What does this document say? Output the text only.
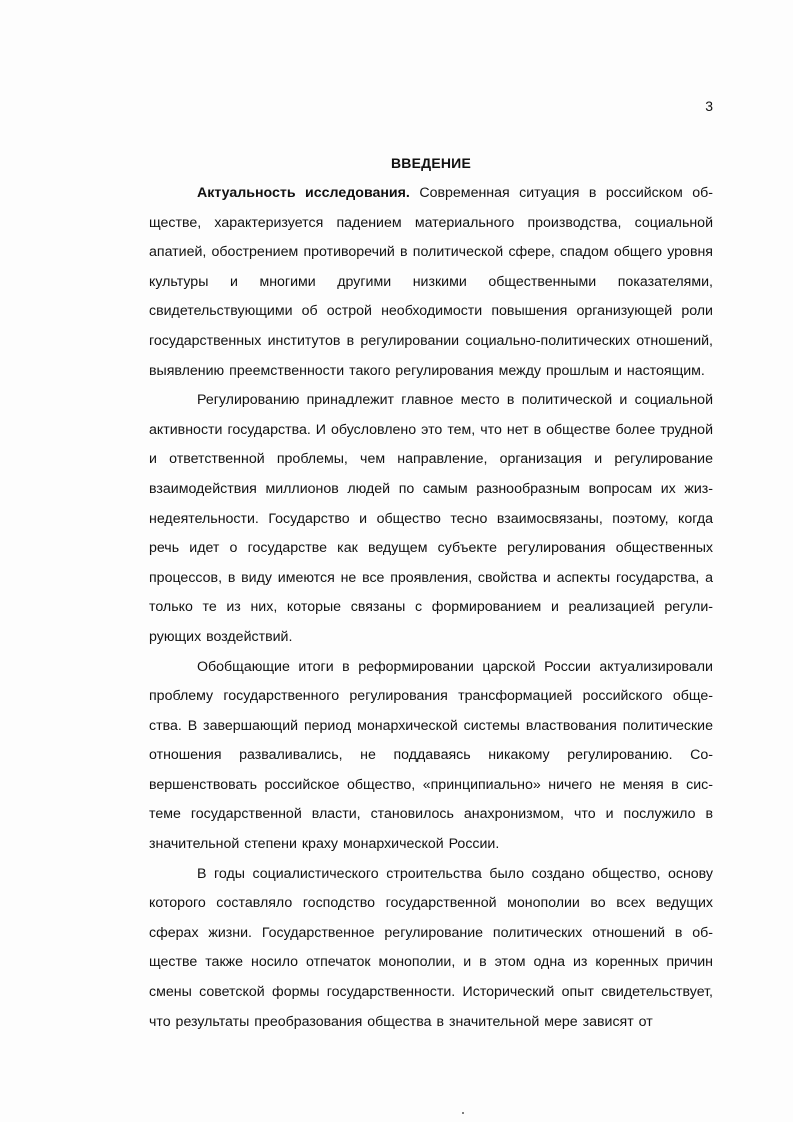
3
ВВЕДЕНИЕ

Актуальность исследования. Современная ситуация в российском обществе, характеризуется падением материального производства, социальной апатией, обострением противоречий в политической сфере, спадом общего уровня культуры и многими другими низкими общественными показателями, свидетельствующими об острой необходимости повышения организующей роли государственных институтов в регулировании социально-политических отношений, выявлению преемственности такого регулирования между прошлым и настоящим.

Регулированию принадлежит главное место в политической и социальной активности государства. И обусловлено это тем, что нет в обществе более трудной и ответственной проблемы, чем направление, организация и регулирование взаимодействия миллионов людей по самым разнообразным вопросам их жизнедеятельности. Государство и общество тесно взаимосвязаны, поэтому, когда речь идет о государстве как ведущем субъекте регулирования общественных процессов, в виду имеются не все проявления, свойства и аспекты государства, а только те из них, которые связаны с формированием и реализацией регулирующих воздействий.

Обобщающие итоги в реформировании царской России актуализировали проблему государственного регулирования трансформацией российского общества. В завершающий период монархической системы властвования политические отношения разваливались, не поддаваясь никакому регулированию. Совершенствовать российское общество, «принципиально» ничего не меняя в системе государственной власти, становилось анахронизмом, что и послужило в значительной степени краху монархической России.

В годы социалистического строительства было создано общество, основу которого составляло господство государственной монополии во всех ведущих сферах жизни. Государственное регулирование политических отношений в обществе также носило отпечаток монополии, и в этом одна из коренных причин смены советской формы государственности. Исторический опыт свидетельствует, что результаты преобразования общества в значительной мере зависят от
